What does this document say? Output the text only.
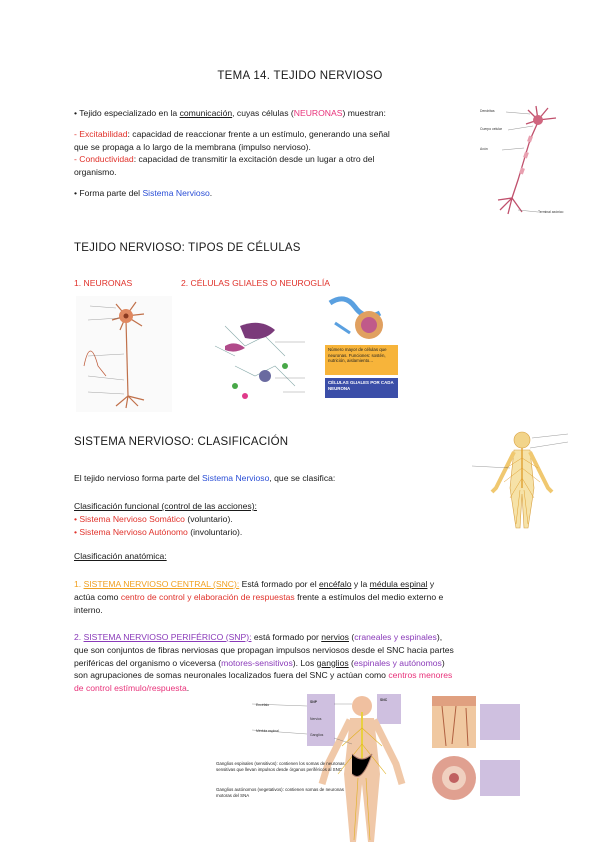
TEMA 14. TEJIDO NERVIOSO
• Tejido especializado en la comunicación, cuyas células (NEURONAS) muestran:
- Excitabilidad: capacidad de reaccionar frente a un estímulo, generando una señal
que se propaga a lo largo de la membrana (impulso nervioso).
- Conductividad: capacidad de transmitir la excitación desde un lugar a otro del
organismo.
• Forma parte del Sistema Nervioso.
Dendritas
Cuerpo celular
Axón
Terminal axónico
TEJIDO NERVIOSO: TIPOS DE CÉLULAS
1. NEURONAS	2. CÉLULAS GLIALES O NEUROGLÍA
Número mayor de células que neuronas. Funciones: sostén, nutrición, aislamiento...
CÉLULAS GLIALES POR CADA NEURONA
SISTEMA NERVIOSO: CLASIFICACIÓN
El tejido nervioso forma parte del Sistema Nervioso, que se clasifica:
Clasificación funcional (control de las acciones):
• Sistema Nervioso Somático (voluntario).
• Sistema Nervioso Autónomo (involuntario).
Clasificación anatómica:
1. SISTEMA NERVIOSO CENTRAL (SNC): Está formado por el encéfalo y la médula espinal y
actúa como centro de control y elaboración de respuestas frente a estímulos del medio externo e
interno.
2. SISTEMA NERVIOSO PERIFÉRICO (SNP): está formado por nervios (craneales y espinales),
que son conjuntos de fibras nerviosas que propagan impulsos nerviosos desde el SNC hacia partes
periféricas del organismo o viceversa (motores-sensitivos). Los ganglios (espinales y autónomos)
son agrupaciones de somas neuronales localizados fuera del SNC y actúan como centros menores
de control estímulo/respuesta.
Encéfalo
Médula espinal
Nervios
Ganglios
SNP	SNC
Ganglios espinales (sensitivos): contienen los somas de neuronas sensitivas que llevan impulsos desde órganos periféricos al SNC
Ganglios autónomos (vegetativos): contienen somas de neuronas motoras del SNA
